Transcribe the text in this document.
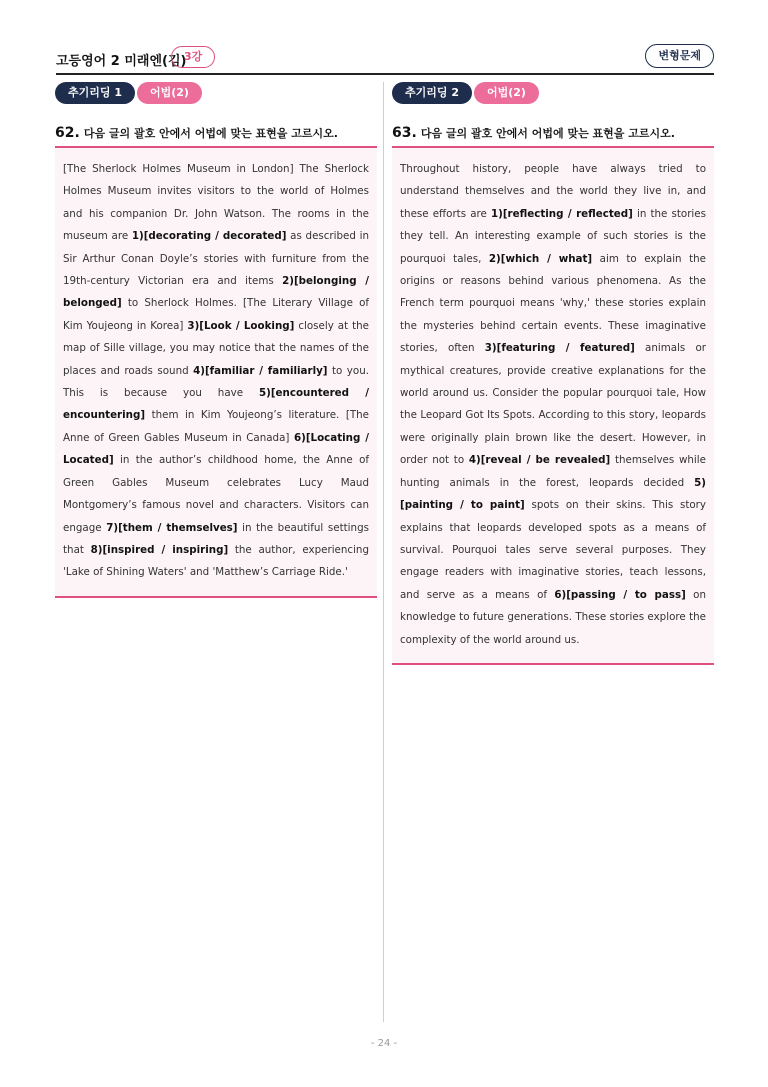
고등영어 2 미래엔(김)
3강	변형문제
추기리딩 1	어법(2)
62. 다음 글의 괄호 안에서 어법에 맞는 표현을 고르시오.

[The Sherlock Holmes Museum in London] The Sherlock Holmes Museum invites visitors to the world of Holmes and his companion Dr. John Watson. The rooms in the museum are 1)[decorating / decorated] as described in Sir Arthur Conan Doyle’s stories with furniture from the 19th-century Victorian era and items 2)[belonging / belonged] to Sherlock Holmes. [The Literary Village of Kim Youjeong in Korea] 3)[Look / Looking] closely at the map of Sille village, you may notice that the names of the places and roads sound 4)[familiar / familiarly] to you. This is because you have 5)[encountered / encountering] them in Kim Youjeong’s literature. [The Anne of Green Gables Museum in Canada] 6)[Locating / Located] in the author’s childhood home, the Anne of Green Gables Museum celebrates Lucy Maud Montgomery’s famous novel and characters. Visitors can engage 7)[them / themselves] in the beautiful settings that 8)[inspired / inspiring] the author, experiencing 'Lake of Shining Waters' and 'Matthew’s Carriage Ride.'

추기리딩 2	어법(2)
63. 다음 글의 괄호 안에서 어법에 맞는 표현을 고르시오.

Throughout history, people have always tried to understand themselves and the world they live in, and these efforts are 1)[reflecting / reflected] in the stories they tell. An interesting example of such stories is the pourquoi tales, 2)[which / what] aim to explain the origins or reasons behind various phenomena. As the French term pourquoi means 'why,' these stories explain the mysteries behind certain events. These imaginative stories, often 3)[featuring / featured] animals or mythical creatures, provide creative explanations for the world around us. Consider the popular pourquoi tale, How the Leopard Got Its Spots. According to this story, leopards were originally plain brown like the desert. However, in order not to 4)[reveal / be revealed] themselves while hunting animals in the forest, leopards decided 5)[painting / to paint] spots on their skins. This story explains that leopards developed spots as a means of survival. Pourquoi tales serve several purposes. They engage readers with imaginative stories, teach lessons, and serve as a means of 6)[passing / to pass] on knowledge to future generations. These stories explore the complexity of the world around us.

- 24 -
